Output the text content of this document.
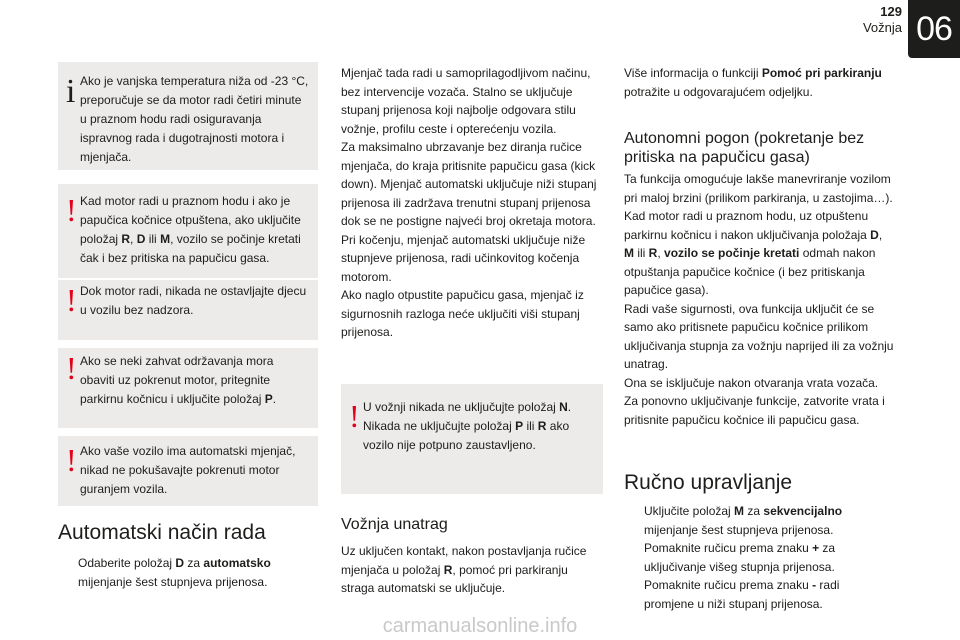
129
Vožnja 06
i Ako je vanjska temperatura niža od -23 °C, preporučuje se da motor radi četiri minute u praznom hodu radi osiguravanja ispravnog rada i dugotrajnosti motora i mjenjača.
! Kad motor radi u praznom hodu i ako je papučica kočnice otpuštena, ako uključite položaj R, D ili M, vozilo se počinje kretati čak i bez pritiska na papučicu gasa.
! Dok motor radi, nikada ne ostavljajte djecu u vozilu bez nadzora.
! Ako se neki zahvat održavanja mora obaviti uz pokrenut motor, pritegnite parkirnu kočnicu i uključite položaj P.
! Ako vaše vozilo ima automatski mjenjač, nikad ne pokušavajte pokrenuti motor guranjem vozila.
Automatski način rada
Odaberite položaj D za automatsko mijenjanje šest stupnjeva prijenosa.
Mjenjač tada radi u samoprilagodljivom načinu, bez intervencije vozača. Stalno se uključuje stupanj prijenosa koji najbolje odgovara stilu vožnje, profilu ceste i opterećenju vozila.
Za maksimalno ubrzavanje bez diranja ručice mjenjača, do kraja pritisnite papučicu gasa (kick down). Mjenjač automatski uključuje niži stupanj prijenosa ili zadržava trenutni stupanj prijenosa dok se ne postigne najveći broj okretaja motora.
Pri kočenju, mjenjač automatski uključuje niže stupnjeve prijenosa, radi učinkovitog kočenja motorom.
Ako naglo otpustite papučicu gasa, mjenjač iz sigurnosnih razloga neće uključiti viši stupanj prijenosa.
! U vožnji nikada ne uključujte položaj N. Nikada ne uključujte položaj P ili R ako vozilo nije potpuno zaustavljeno.
Vožnja unatrag
Uz uključen kontakt, nakon postavljanja ručice mjenjača u položaj R, pomoć pri parkiranju straga automatski se uključuje.
Više informacija o funkciji Pomoć pri parkiranju potražite u odgovarajućem odjeljku.
Autonomni pogon (pokretanje bez pritiska na papučicu gasa)
Ta funkcija omogućuje lakše manevriranje vozilom pri maloj brzini (prilikom parkiranja, u zastojima…).
Kad motor radi u praznom hodu, uz otpuštenu parkirnu kočnicu i nakon uključivanja položaja D, M ili R, vozilo se počinje kretati odmah nakon otpuštanja papučice kočnice (i bez pritiskanja papučice gasa).
Radi vaše sigurnosti, ova funkcija uključit će se samo ako pritisnete papučicu kočnice prilikom uključivanja stupnja za vožnju naprijed ili za vožnju unatrag.
Ona se isključuje nakon otvaranja vrata vozača.
Za ponovno uključivanje funkcije, zatvorite vrata i pritisnite papučicu kočnice ili papučicu gasa.
Ručno upravljanje
Uključite položaj M za sekvencijalno mijenjanje šest stupnjeva prijenosa.
Pomaknite ručicu prema znaku + za uključivanje višeg stupnja prijenosa.
Pomaknite ručicu prema znaku - radi promjene u niži stupanj prijenosa.
carmanualsonline.info
